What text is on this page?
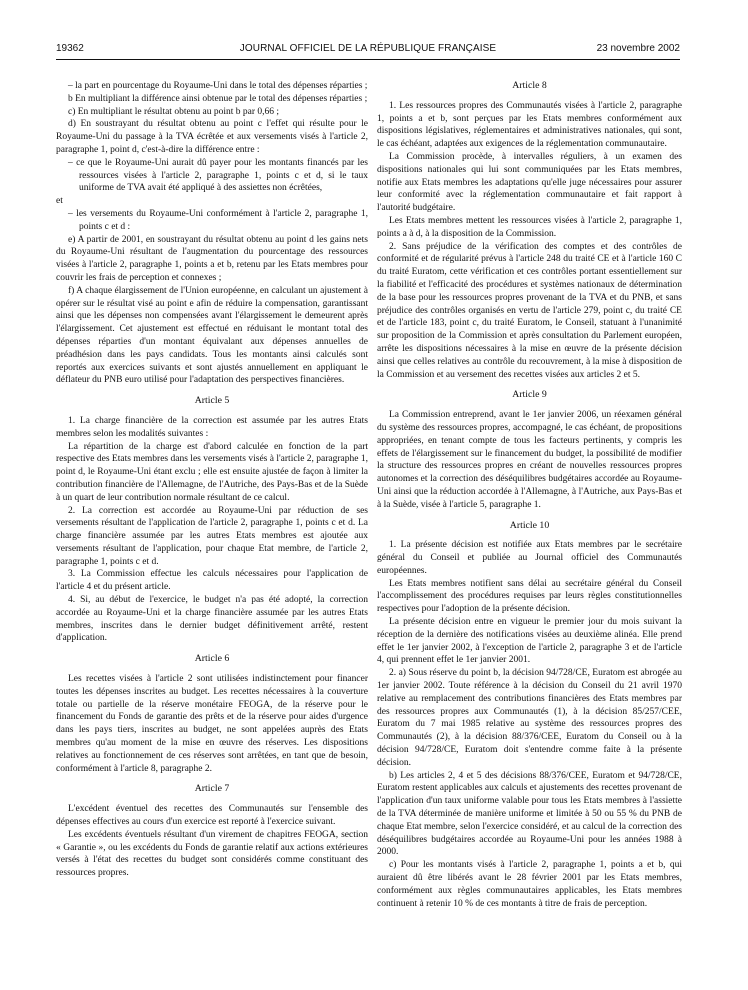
19362	JOURNAL OFFICIEL DE LA RÉPUBLIQUE FRANÇAISE	23 novembre 2002

– la part en pourcentage du Royaume-Uni dans le total des dépenses réparties ;

b En multipliant la différence ainsi obtenue par le total des dépenses réparties ;

c) En multipliant le résultat obtenu au point b par 0,66 ;

d) En soustrayant du résultat obtenu au point c l'effet qui résulte pour le Royaume-Uni du passage à la TVA écrêtée et aux versements visés à l'article 2, paragraphe 1, point d, c'est-à-dire la différence entre :

– ce que le Royaume-Uni aurait dû payer pour les montants financés par les ressources visées à l'article 2, paragraphe 1, points c et d, si le taux uniforme de TVA avait été appliqué à des assiettes non écrêtées,

et

– les versements du Royaume-Uni conformément à l'article 2, paragraphe 1, points c et d :

e) A partir de 2001, en soustrayant du résultat obtenu au point d les gains nets du Royaume-Uni résultant de l'augmentation du pourcentage des ressources visées à l'article 2, paragraphe 1, points a et b, retenu par les Etats membres pour couvrir les frais de perception et connexes ;

f) A chaque élargissement de l'Union européenne, en calculant un ajustement à opérer sur le résultat visé au point e afin de réduire la compensation, garantissant ainsi que les dépenses non compensées avant l'élargissement le demeurent après l'élargissement. Cet ajustement est effectué en réduisant le montant total des dépenses réparties d'un montant équivalant aux dépenses annuelles de préadhésion dans les pays candidats. Tous les montants ainsi calculés sont reportés aux exercices suivants et sont ajustés annuellement en appliquant le déflateur du PNB euro utilisé pour l'adaptation des perspectives financières.

Article 5

1. La charge financière de la correction est assumée par les autres Etats membres selon les modalités suivantes :

La répartition de la charge est d'abord calculée en fonction de la part respective des Etats membres dans les versements visés à l'article 2, paragraphe 1, point d, le Royaume-Uni étant exclu ; elle est ensuite ajustée de façon à limiter la contribution financière de l'Allemagne, de l'Autriche, des Pays-Bas et de la Suède à un quart de leur contribution normale résultant de ce calcul.

2. La correction est accordée au Royaume-Uni par réduction de ses versements résultant de l'application de l'article 2, paragraphe 1, points c et d. La charge financière assumée par les autres Etats membres est ajoutée aux versements résultant de l'application, pour chaque Etat membre, de l'article 2, paragraphe 1, points c et d.

3. La Commission effectue les calculs nécessaires pour l'application de l'article 4 et du présent article.

4. Si, au début de l'exercice, le budget n'a pas été adopté, la correction accordée au Royaume-Uni et la charge financière assumée par les autres Etats membres, inscrites dans le dernier budget définitivement arrêté, restent d'application.

Article 6

Les recettes visées à l'article 2 sont utilisées indistinctement pour financer toutes les dépenses inscrites au budget. Les recettes nécessaires à la couverture totale ou partielle de la réserve monétaire FEOGA, de la réserve pour le financement du Fonds de garantie des prêts et de la réserve pour aides d'urgence dans les pays tiers, inscrites au budget, ne sont appelées auprès des Etats membres qu'au moment de la mise en œuvre des réserves. Les dispositions relatives au fonctionnement de ces réserves sont arrêtées, en tant que de besoin, conformément à l'article 8, paragraphe 2.

Article 7

L'excédent éventuel des recettes des Communautés sur l'ensemble des dépenses effectives au cours d'un exercice est reporté à l'exercice suivant.

Les excédents éventuels résultant d'un virement de chapitres FEOGA, section « Garantie », ou les excédents du Fonds de garantie relatif aux actions extérieures versés à l'état des recettes du budget sont considérés comme constituant des ressources propres.

Article 8

1. Les ressources propres des Communautés visées à l'article 2, paragraphe 1, points a et b, sont perçues par les Etats membres conformément aux dispositions législatives, réglementaires et administratives nationales, qui sont, le cas échéant, adaptées aux exigences de la réglementation communautaire.

La Commission procède, à intervalles réguliers, à un examen des dispositions nationales qui lui sont communiquées par les Etats membres, notifie aux Etats membres les adaptations qu'elle juge nécessaires pour assurer leur conformité avec la réglementation communautaire et fait rapport à l'autorité budgétaire.

Les Etats membres mettent les ressources visées à l'article 2, paragraphe 1, points a à d, à la disposition de la Commission.

2. Sans préjudice de la vérification des comptes et des contrôles de conformité et de régularité prévus à l'article 248 du traité CE et à l'article 160 C du traité Euratom, cette vérification et ces contrôles portant essentiellement sur la fiabilité et l'efficacité des procédures et systèmes nationaux de détermination de la base pour les ressources propres provenant de la TVA et du PNB, et sans préjudice des contrôles organisés en vertu de l'article 279, point c, du traité CE et de l'article 183, point c, du traité Euratom, le Conseil, statuant à l'unanimité sur proposition de la Commission et après consultation du Parlement européen, arrête les dispositions nécessaires à la mise en œuvre de la présente décision ainsi que celles relatives au contrôle du recouvrement, à la mise à disposition de la Commission et au versement des recettes visées aux articles 2 et 5.

Article 9

La Commission entreprend, avant le 1er janvier 2006, un réexamen général du système des ressources propres, accompagné, le cas échéant, de propositions appropriées, en tenant compte de tous les facteurs pertinents, y compris les effets de l'élargissement sur le financement du budget, la possibilité de modifier la structure des ressources propres en créant de nouvelles ressources propres autonomes et la correction des déséquilibres budgétaires accordée au Royaume-Uni ainsi que la réduction accordée à l'Allemagne, à l'Autriche, aux Pays-Bas et à la Suède, visée à l'article 5, paragraphe 1.

Article 10

1. La présente décision est notifiée aux Etats membres par le secrétaire général du Conseil et publiée au Journal officiel des Communautés européennes.

Les Etats membres notifient sans délai au secrétaire général du Conseil l'accomplissement des procédures requises par leurs règles constitutionnelles respectives pour l'adoption de la présente décision.

La présente décision entre en vigueur le premier jour du mois suivant la réception de la dernière des notifications visées au deuxième alinéa. Elle prend effet le 1er janvier 2002, à l'exception de l'article 2, paragraphe 3 et de l'article 4, qui prennent effet le 1er janvier 2001.

2. a) Sous réserve du point b, la décision 94/728/CE, Euratom est abrogée au 1er janvier 2002. Toute référence à la décision du Conseil du 21 avril 1970 relative au remplacement des contributions financières des Etats membres par des ressources propres aux Communautés (1), à la décision 85/257/CEE, Euratom du 7 mai 1985 relative au système des ressources propres des Communautés (2), à la décision 88/376/CEE, Euratom du Conseil ou à la décision 94/728/CE, Euratom doit s'entendre comme faite à la présente décision.

b) Les articles 2, 4 et 5 des décisions 88/376/CEE, Euratom et 94/728/CE, Euratom restent applicables aux calculs et ajustements des recettes provenant de l'application d'un taux uniforme valable pour tous les Etats membres à l'assiette de la TVA déterminée de manière uniforme et limitée à 50 ou 55 % du PNB de chaque Etat membre, selon l'exercice considéré, et au calcul de la correction des déséquilibres budgétaires accordée au Royaume-Uni pour les années 1988 à 2000.

c) Pour les montants visés à l'article 2, paragraphe 1, points a et b, qui auraient dû être libérés avant le 28 février 2001 par les Etats membres, conformément aux règles communautaires applicables, les Etats membres continuent à retenir 10 % de ces montants à titre de frais de perception.
